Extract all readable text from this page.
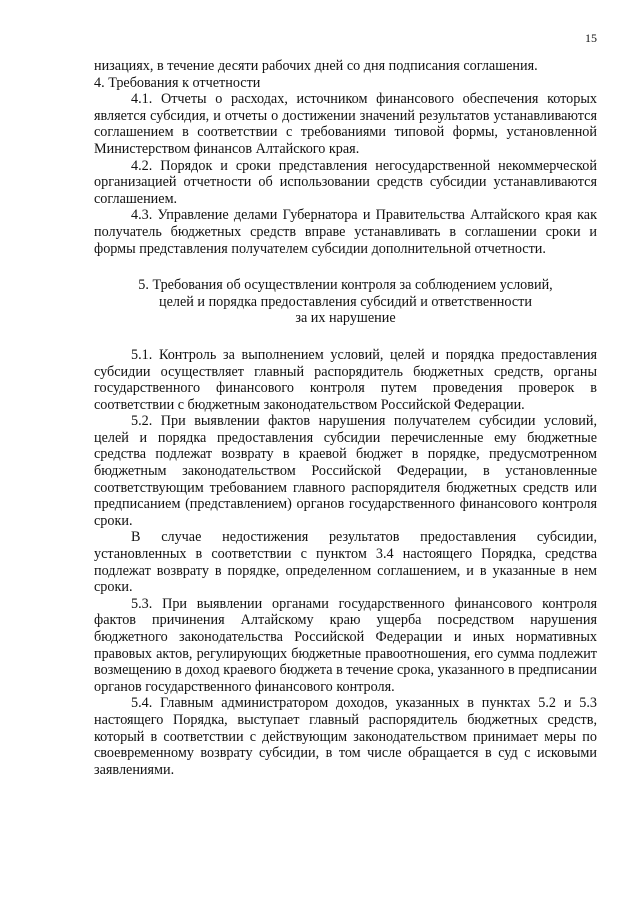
15

низациях, в течение десяти рабочих дней со дня подписания соглашения.

4. Требования к отчетности

4.1. Отчеты о расходах, источником финансового обеспечения которых является субсидия, и отчеты о достижении значений результатов устанавливаются соглашением в соответствии с требованиями типовой формы, установленной Министерством финансов Алтайского края.

4.2. Порядок и сроки представления негосударственной некоммерческой организацией отчетности об использовании средств субсидии устанавливаются соглашением.

4.3. Управление делами Губернатора и Правительства Алтайского края как получатель бюджетных средств вправе устанавливать в соглашении сроки и формы представления получателем субсидии дополнительной отчетности.

5. Требования об осуществлении контроля за соблюдением условий,
целей и порядка предоставления субсидий и ответственности
за их нарушение

5.1. Контроль за выполнением условий, целей и порядка предоставления субсидии осуществляет главный распорядитель бюджетных средств, органы государственного финансового контроля путем проведения проверок в соответствии с бюджетным законодательством Российской Федерации.

5.2. При выявлении фактов нарушения получателем субсидии условий, целей и порядка предоставления субсидии перечисленные ему бюджетные средства подлежат возврату в краевой бюджет в порядке, предусмотренном бюджетным законодательством Российской Федерации, в установленные соответствующим требованием главного распорядителя бюджетных средств или предписанием (представлением) органов государственного финансового контроля сроки.

В случае недостижения результатов предоставления субсидии, установленных в соответствии с пунктом 3.4 настоящего Порядка, средства подлежат возврату в порядке, определенном соглашением, и в указанные в нем сроки.

5.3. При выявлении органами государственного финансового контроля фактов причинения Алтайскому краю ущерба посредством нарушения бюджетного законодательства Российской Федерации и иных нормативных правовых актов, регулирующих бюджетные правоотношения, его сумма подлежит возмещению в доход краевого бюджета в течение срока, указанного в предписании органов государственного финансового контроля.

5.4. Главным администратором доходов, указанных в пунктах 5.2 и 5.3 настоящего Порядка, выступает главный распорядитель бюджетных средств, который в соответствии с действующим законодательством принимает меры по своевременному возврату субсидии, в том числе обращается в суд с исковыми заявлениями.
